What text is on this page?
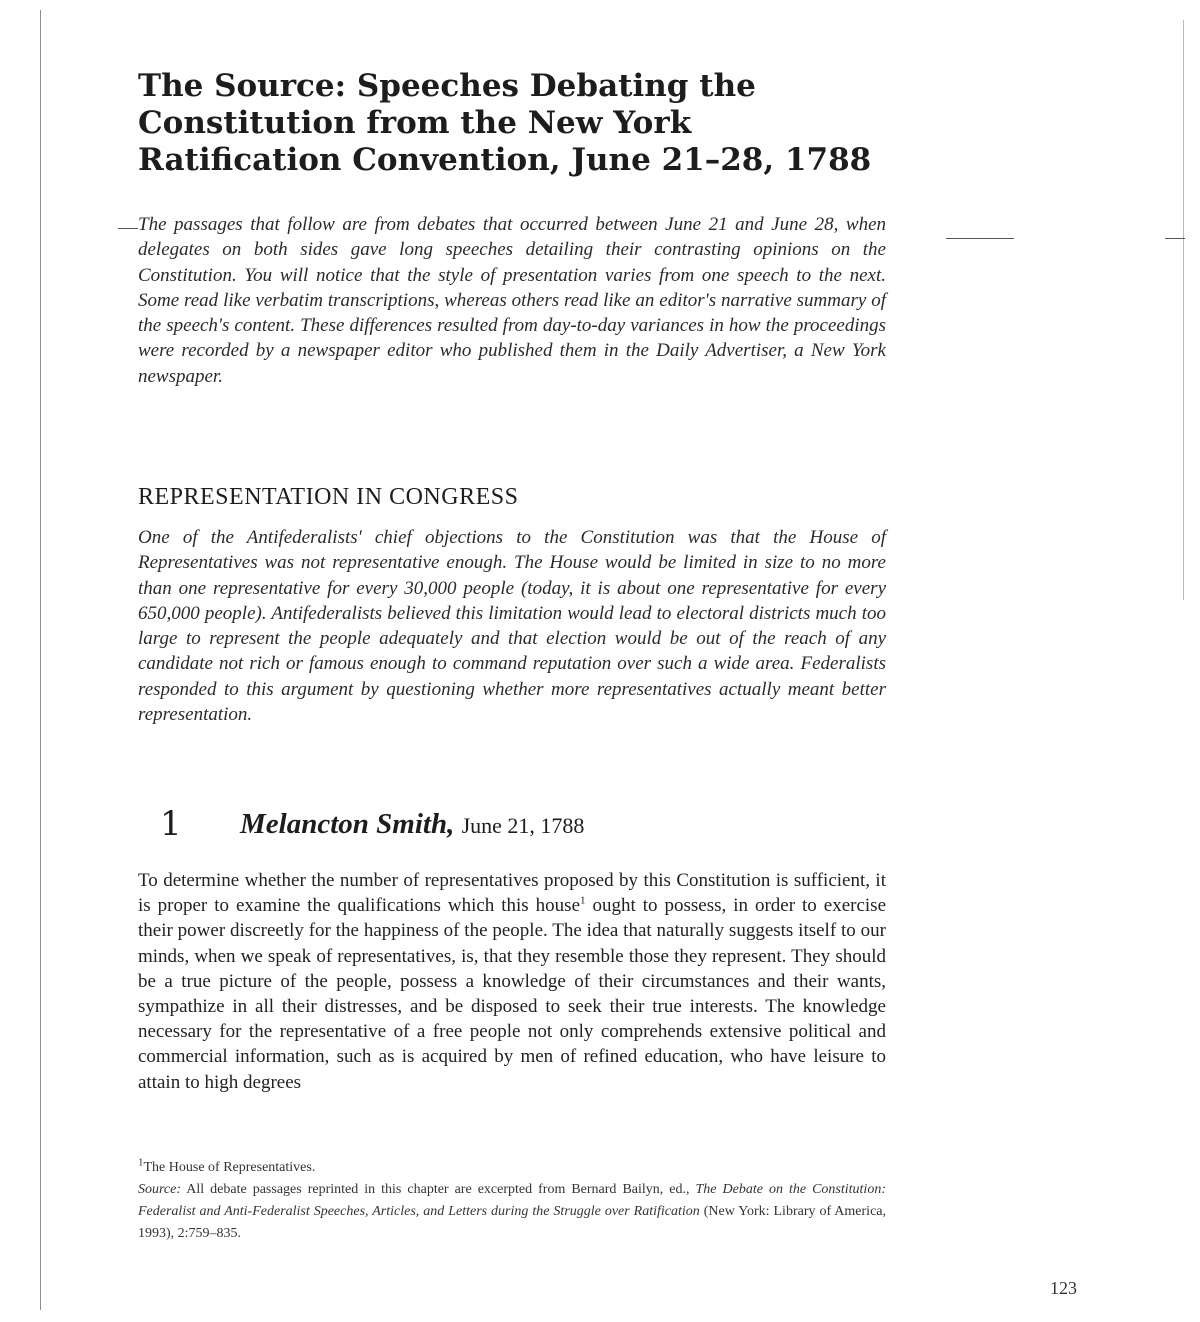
The Source: Speeches Debating the Constitution from the New York Ratification Convention, June 21–28, 1788

The passages that follow are from debates that occurred between June 21 and June 28, when delegates on both sides gave long speeches detailing their contrasting opinions on the Constitution. You will notice that the style of presentation varies from one speech to the next. Some read like verbatim transcriptions, whereas others read like an editor's narrative summary of the speech's content. These differences resulted from day-to-day variances in how the proceedings were recorded by a newspaper editor who published them in the Daily Advertiser, a New York newspaper.

REPRESENTATION IN CONGRESS

One of the Antifederalists' chief objections to the Constitution was that the House of Representatives was not representative enough. The House would be limited in size to no more than one representative for every 30,000 people (today, it is about one representative for every 650,000 people). Antifederalists believed this limitation would lead to electoral districts much too large to represent the people adequately and that election would be out of the reach of any candidate not rich or famous enough to command reputation over such a wide area. Federalists responded to this argument by questioning whether more representatives actually meant better representation.

1 Melancton Smith, June 21, 1788

To determine whether the number of representatives proposed by this Constitution is sufficient, it is proper to examine the qualifications which this house$^1$ ought to possess, in order to exercise their power discreetly for the happiness of the people. The idea that naturally suggests itself to our minds, when we speak of representatives, is, that they resemble those they represent. They should be a true picture of the people, possess a knowledge of their circumstances and their wants, sympathize in all their distresses, and be disposed to seek their true interests. The knowledge necessary for the representative of a free people not only comprehends extensive political and commercial information, such as is acquired by men of refined education, who have leisure to attain to high degrees

$^1$The House of Representatives.

Source: All debate passages reprinted in this chapter are excerpted from Bernard Bailyn, ed., The Debate on the Constitution: Federalist and Anti-Federalist Speeches, Articles, and Letters during the Struggle over Ratification (New York: Library of America, 1993), 2:759–835.

123
